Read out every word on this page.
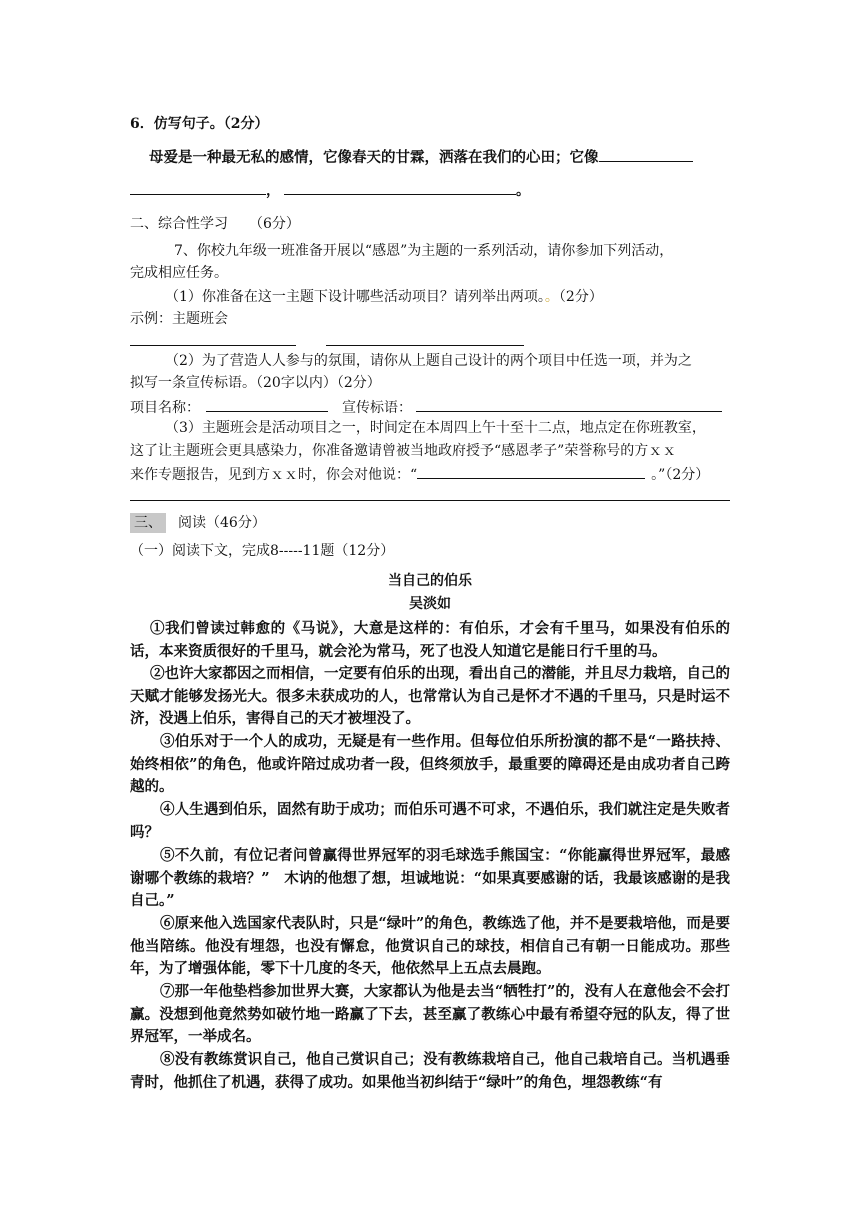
6．仿写句子。（2分）
母爱是一种最无私的感情，它像春天的甘霖，洒落在我们的心田；它像
，	。
二、综合性学习　　（6分）
7、你校九年级一班准备开展以“感恩”为主题的一系列活动，请你参加下列活动，
完成相应任务。
（1）你准备在这一主题下设计哪些活动项目？请列举出两项。。（2分）
示例：主题班会
（2）为了营造人人参与的氛围，请你从上题自己设计的两个项目中任选一项，并为之
拟写一条宣传标语。（20字以内）（2分）
项目名称：	宣传标语：
（3）主题班会是活动项目之一，时间定在本周四上午十至十二点，地点定在你班教室，
这了让主题班会更具感染力，你准备邀请曾被当地政府授予“感恩孝子”荣誉称号的方ｘｘ
来作专题报告，见到方ｘｘ时，你会对他说：“	。”（2分）
三、 阅读（46分）
（一）阅读下文，完成8-----11题（12分）
当自己的伯乐
吴淡如
①我们曾读过韩愈的《马说》，大意是这样的：有伯乐，才会有千里马，如果没有伯乐的话，本来资质很好的千里马，就会沦为常马，死了也没人知道它是能日行千里的马。
②也许大家都因之而相信，一定要有伯乐的出现，看出自己的潜能，并且尽力栽培，自己的天赋才能够发扬光大。很多未获成功的人，也常常认为自己是怀才不遇的千里马，只是时运不济，没遇上伯乐，害得自己的天才被埋没了。
③伯乐对于一个人的成功，无疑是有一些作用。但每位伯乐所扮演的都不是“一路扶持、始终相依”的角色，他或许陪过成功者一段，但终须放手，最重要的障碍还是由成功者自己跨越的。
④人生遇到伯乐，固然有助于成功；而伯乐可遇不可求，不遇伯乐，我们就注定是失败者吗？
⑤不久前，有位记者问曾赢得世界冠军的羽毛球选手熊国宝：“你能赢得世界冠军，最感谢哪个教练的栽培？”　木讷的他想了想，坦诚地说：“如果真要感谢的话，我最该感谢的是我自己。”
⑥原来他入选国家代表队时，只是“绿叶”的角色，教练选了他，并不是要栽培他，而是要他当陪练。他没有埋怨，也没有懈怠，他赏识自己的球技，相信自己有朝一日能成功。那些年，为了增强体能，零下十几度的冬天，他依然早上五点去晨跑。
⑦那一年他垫档参加世界大赛，大家都认为他是去当“牺牲打”的，没有人在意他会不会打赢。没想到他竟然势如破竹地一路赢了下去，甚至赢了教练心中最有希望夺冠的队友，得了世界冠军，一举成名。
⑧没有教练赏识自己，他自己赏识自己；没有教练栽培自己，他自己栽培自己。当机遇垂青时，他抓住了机遇，获得了成功。如果他当初纠结于“绿叶”的角色，埋怨教练“有
